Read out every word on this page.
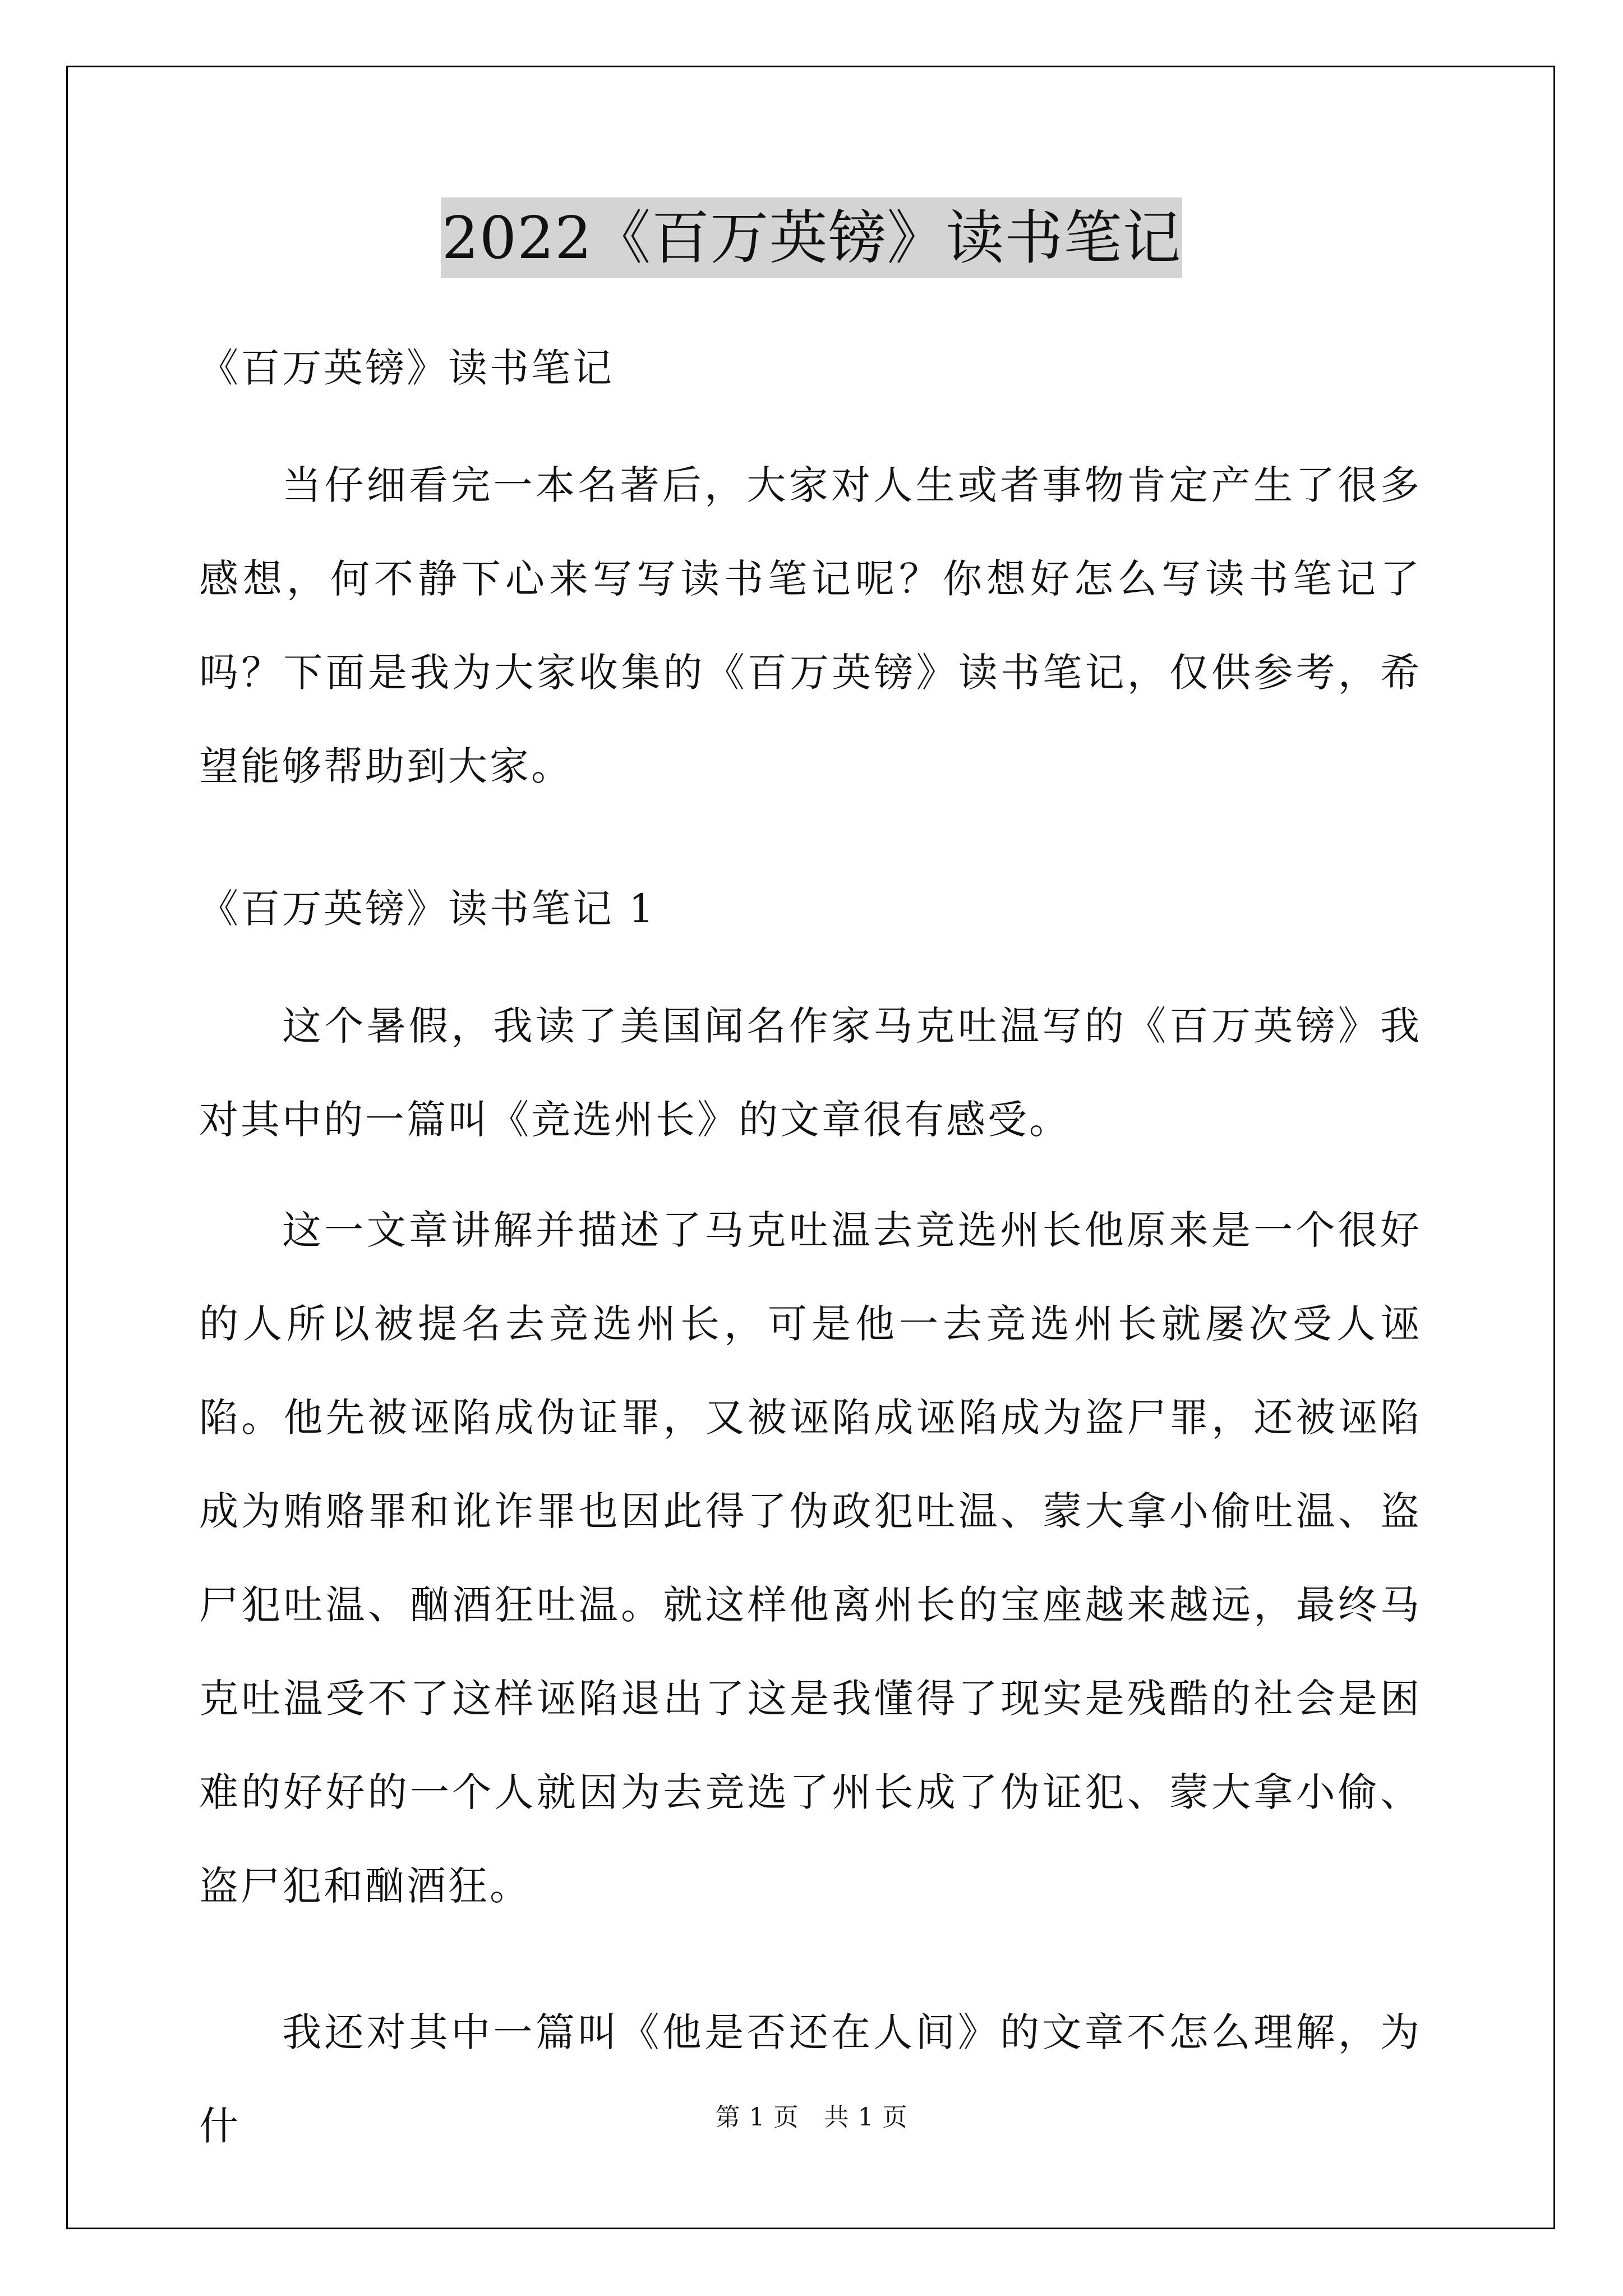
2022《百万英镑》读书笔记

《百万英镑》读书笔记

当仔细看完一本名著后，大家对人生或者事物肯定产生了很多感想，何不静下心来写写读书笔记呢？你想好怎么写读书笔记了吗？下面是我为大家收集的《百万英镑》读书笔记，仅供参考，希望能够帮助到大家。

《百万英镑》读书笔记 1

这个暑假，我读了美国闻名作家马克吐温写的《百万英镑》我对其中的一篇叫《竞选州长》的文章很有感受。

这一文章讲解并描述了马克吐温去竞选州长他原来是一个很好的人所以被提名去竞选州长，可是他一去竞选州长就屡次受人诬陷。他先被诬陷成伪证罪，又被诬陷成诬陷成为盗尸罪，还被诬陷成为贿赂罪和讹诈罪也因此得了伪政犯吐温、蒙大拿小偷吐温、盗尸犯吐温、酗酒狂吐温。就这样他离州长的宝座越来越远，最终马克吐温受不了这样诬陷退出了这是我懂得了现实是残酷的社会是困难的好好的一个人就因为去竞选了州长成了伪证犯、蒙大拿小偷、盗尸犯和酗酒狂。

我还对其中一篇叫《他是否还在人间》的文章不怎么理解，为什	第 1 页　共 1 页
